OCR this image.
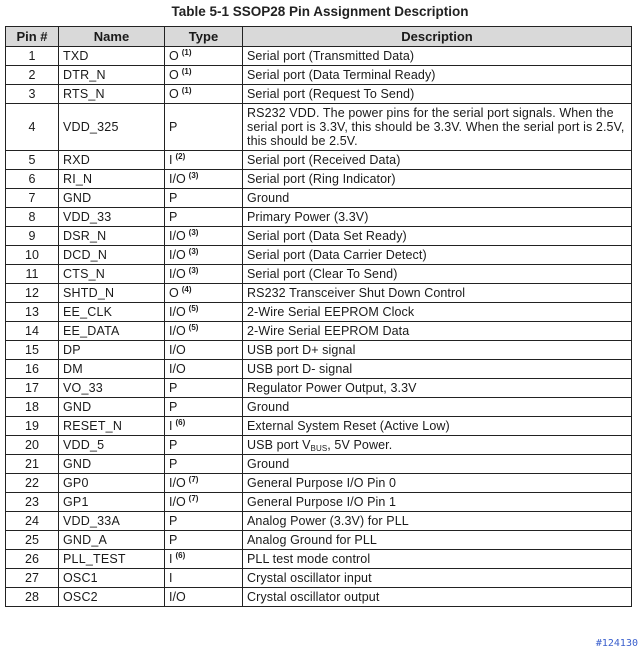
Table 5-1 SSOP28 Pin Assignment Description
Pin #	Name	Type	Description
1	TXD	O $^{(1)}$	Serial port (Transmitted Data)
2	DTR_N	O $^{(1)}$	Serial port (Data Terminal Ready)
3	RTS_N	O $^{(1)}$	Serial port (Request To Send)
4	VDD_325	P	RS232 VDD. The power pins for the serial port signals. When the serial port is 3.3V, this should be 3.3V. When the serial port is 2.5V, this should be 2.5V.
5	RXD	I $^{(2)}$	Serial port (Received Data)
6	RI_N	I/O $^{(3)}$	Serial port (Ring Indicator)
7	GND	P	Ground
8	VDD_33	P	Primary Power (3.3V)
9	DSR_N	I/O $^{(3)}$	Serial port (Data Set Ready)
10	DCD_N	I/O $^{(3)}$	Serial port (Data Carrier Detect)
11	CTS_N	I/O $^{(3)}$	Serial port (Clear To Send)
12	SHTD_N	O $^{(4)}$	RS232 Transceiver Shut Down Control
13	EE_CLK	I/O $^{(5)}$	2-Wire Serial EEPROM Clock
14	EE_DATA	I/O $^{(5)}$	2-Wire Serial EEPROM Data
15	DP	I/O	USB port D+ signal
16	DM	I/O	USB port D- signal
17	VO_33	P	Regulator Power Output, 3.3V
18	GND	P	Ground
19	RESET_N	I $^{(6)}$	External System Reset (Active Low)
20	VDD_5	P	USB port $V_{BUS}$, 5V Power.
21	GND	P	Ground
22	GP0	I/O $^{(7)}$	General Purpose I/O Pin 0
23	GP1	I/O $^{(7)}$	General Purpose I/O Pin 1
24	VDD_33A	P	Analog Power (3.3V) for PLL
25	GND_A	P	Analog Ground for PLL
26	PLL_TEST	I $^{(6)}$	PLL test mode control
27	OSC1	I	Crystal oscillator input
28	OSC2	I/O	Crystal oscillator output
#124130
